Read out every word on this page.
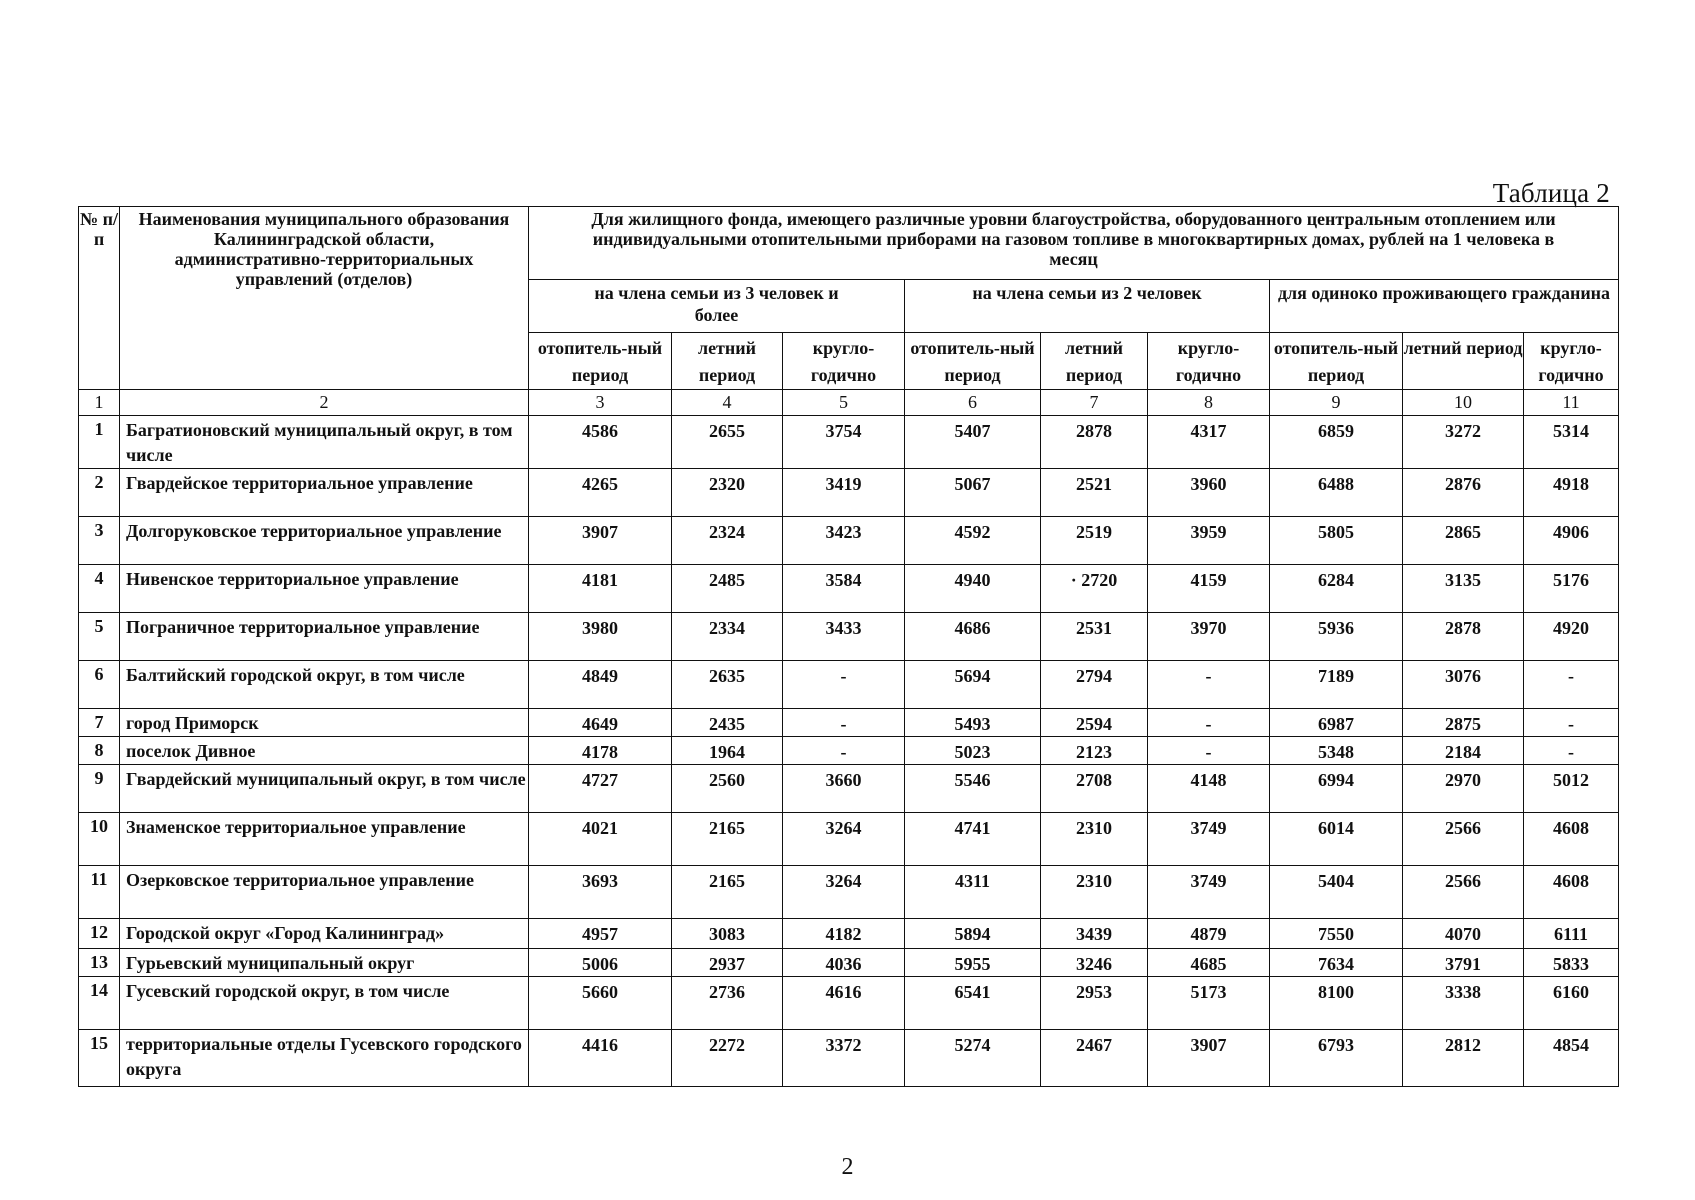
Таблица 2
№ п/п	Наименования муниципального образования Калининградской области, административно-территориальных управлений (отделов)	Для жилищного фонда, имеющего различные уровни благоустройства, оборудованного центральным отоплением или индивидуальными отопительными приборами на газовом топливе в многоквартирных домах, рублей на 1 человека в месяц								
		на члена семьи из 3 человек и более			на члена семьи из 2 человек			для одиноко проживающего гражданина		
		отопитель-ный период	летний период	кругло-годично	отопитель-ный период	летний период	кругло-годично	отопитель-ный период	летний период	кругло-годично
1	2	3	4	5	6	7	8	9	10	11
1	Багратионовский муниципальный округ, в том числе	4586	2655	3754	5407	2878	4317	6859	3272	5314
2	Гвардейское территориальное управление	4265	2320	3419	5067	2521	3960	6488	2876	4918
3	Долгоруковское территориальное управление	3907	2324	3423	4592	2519	3959	5805	2865	4906
4	Нивенское территориальное управление	4181	2485	3584	4940	· 2720	4159	6284	3135	5176
5	Пограничное территориальное управление	3980	2334	3433	4686	2531	3970	5936	2878	4920
6	Балтийский городской округ, в том числе	4849	2635	-	5694	2794	-	7189	3076	-
7	город Приморск	4649	2435	-	5493	2594	-	6987	2875	-
8	поселок Дивное	4178	1964	-	5023	2123	-	5348	2184	-
9	Гвардейский муниципальный округ, в том числе	4727	2560	3660	5546	2708	4148	6994	2970	5012
10	Знаменское территориальное управление	4021	2165	3264	4741	2310	3749	6014	2566	4608
11	Озерковское территориальное управление	3693	2165	3264	4311	2310	3749	5404	2566	4608
12	Городской округ «Город Калининград»	4957	3083	4182	5894	3439	4879	7550	4070	6111
13	Гурьевский муниципальный округ	5006	2937	4036	5955	3246	4685	7634	3791	5833
14	Гусевский городской округ, в том числе	5660	2736	4616	6541	2953	5173	8100	3338	6160
15	территориальные отделы Гусевского городского округа	4416	2272	3372	5274	2467	3907	6793	2812	4854
2
